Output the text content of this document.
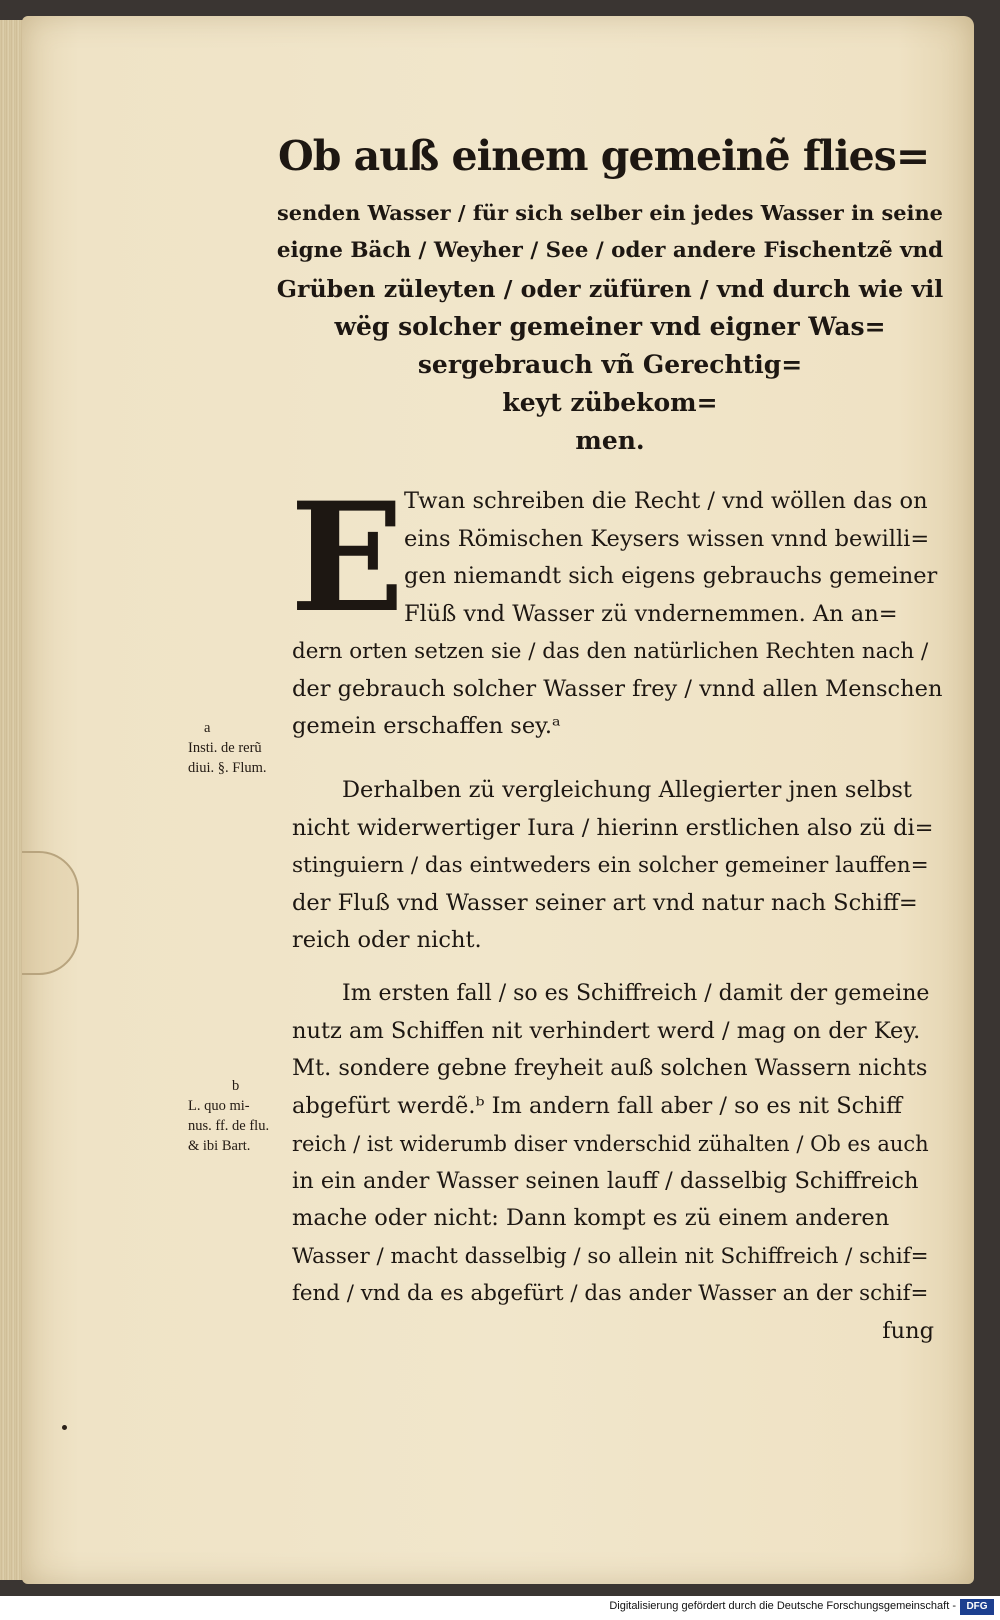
Ob auß einem gemeinẽ flies=
senden Wasser / für sich selber ein jedes Wasser in seine
eigne Bäch / Weyher / See / oder andere Fischentzẽ vnd
Grüben züleyten / oder züfüren / vnd durch wie vil
wëg solcher gemeiner vnd eigner Was=
sergebrauch vñ Gerechtig=
keyt zübekom=
men.
E Twan schreiben die Recht / vnd wöllen das on
eins Römischen Keysers wissen vnnd bewilli=
gen niemandt sich eigens gebrauchs gemeiner
Flüß vnd Wasser zü vndernemmen. An an=
dern orten setzen sie / das den natürlichen Rechten nach /
der gebrauch solcher Wasser frey / vnnd allen Menschen
gemein erschaffen sey.ᵃ
Derhalben zü vergleichung Allegierter jnen selbst
nicht widerwertiger Iura / hierinn erstlichen also zü di=
stinguiern / das eintweders ein solcher gemeiner lauffen=
der Fluß vnd Wasser seiner art vnd natur nach Schiff=
reich oder nicht.
Im ersten fall / so es Schiffreich / damit der gemeine
nutz am Schiffen nit verhindert werd / mag on der Key.
Mt. sondere gebne freyheit auß solchen Wassern nichts
abgefürt werdẽ.ᵇ Im andern fall aber / so es nit Schiff
reich / ist widerumb diser vnderschid zühalten / Ob es auch
in ein ander Wasser seinen lauff / dasselbig Schiffreich
mache oder nicht: Dann kompt es zü einem anderen
Wasser / macht dasselbig / so allein nit Schiffreich / schif=
fend / vnd da es abgefürt / das ander Wasser an der schif=
fung
a
Insti. de rerũ
diui. §. Flum.
b
L. quo mi-
nus. ff. de flu.
& ibi Bart.
Digitalisierung gefördert durch die Deutsche Forschungsgemeinschaft -	DFG
